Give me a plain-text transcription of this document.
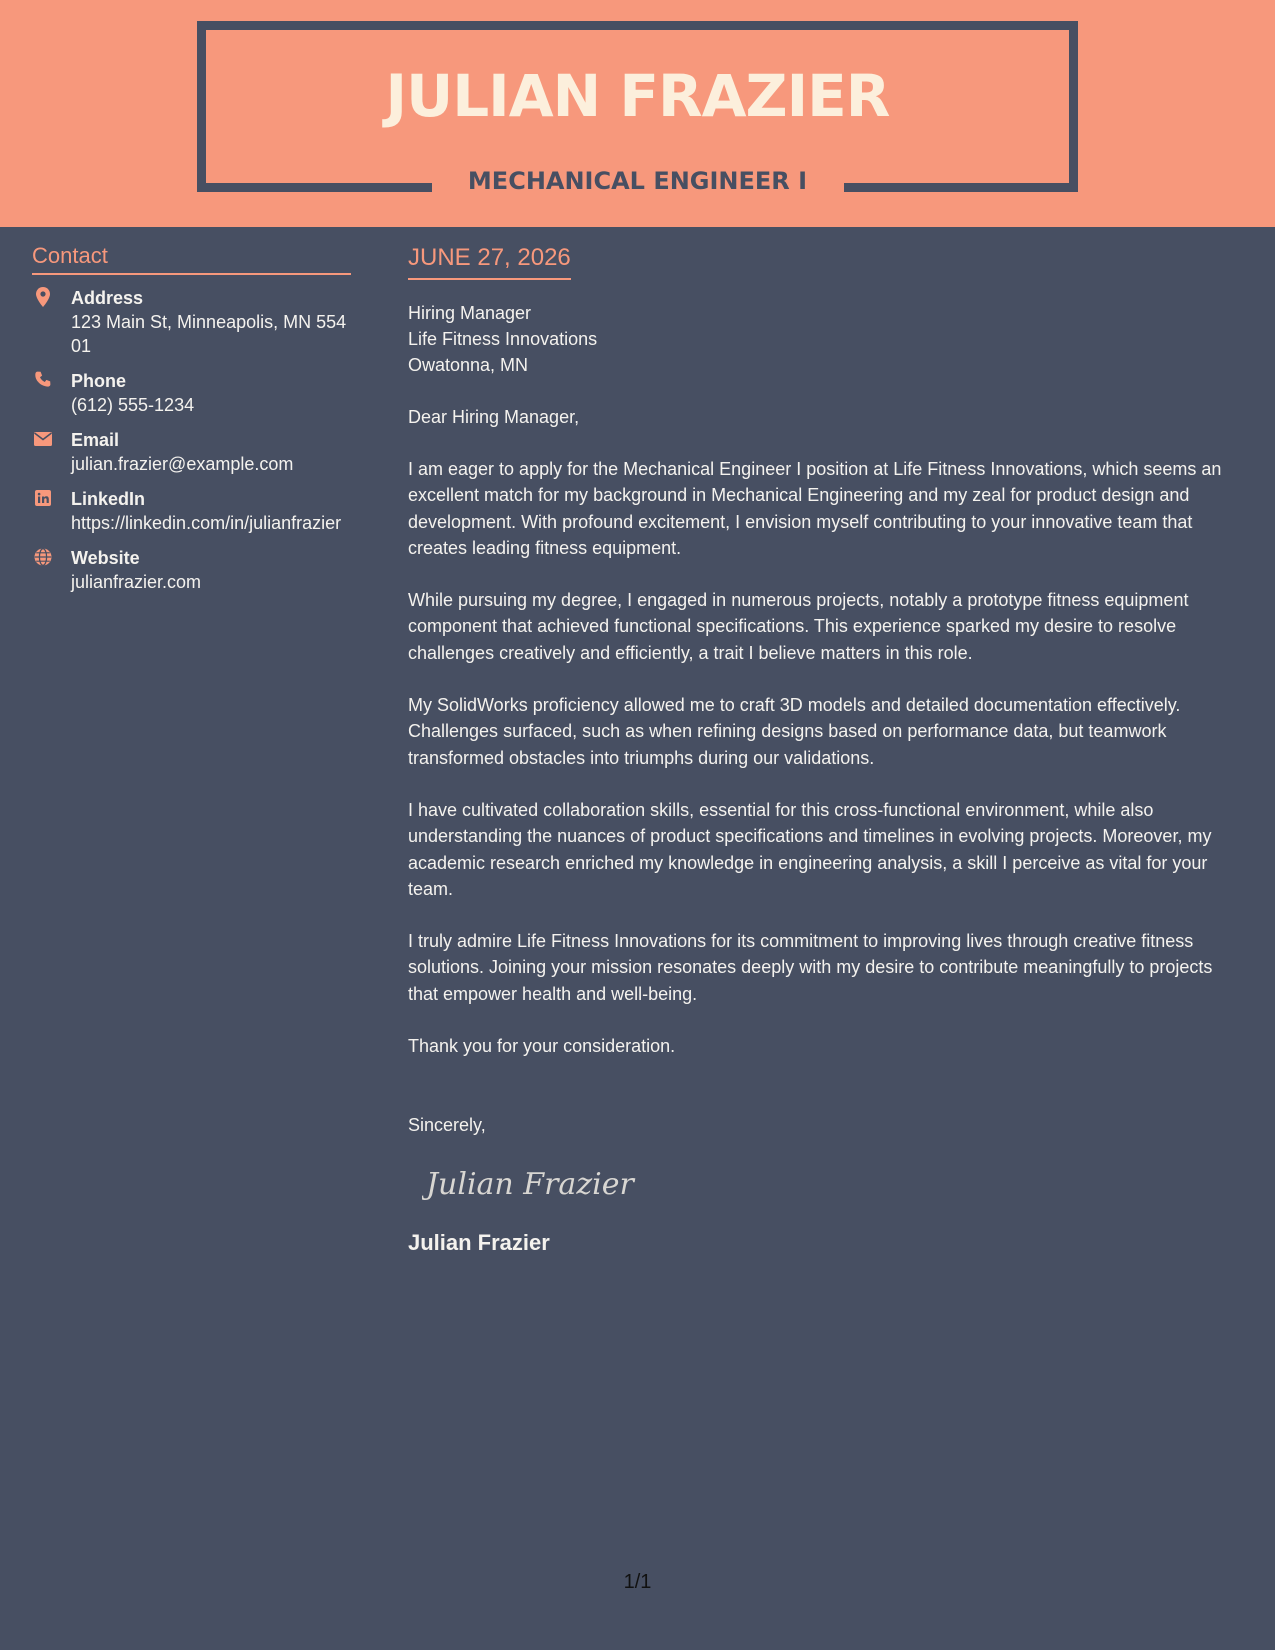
JULIAN FRAZIER
MECHANICAL ENGINEER I
Contact
Address
123 Main St, Minneapolis, MN 55401
Phone
(612) 555-1234
Email
julian.frazier@example.com
LinkedIn
https://linkedin.com/in/julianfrazier
Website
julianfrazier.com
JUNE 27, 2026
Hiring Manager
Life Fitness Innovations
Owatonna, MN
Dear Hiring Manager,

I am eager to apply for the Mechanical Engineer I position at Life Fitness Innovations, which seems an excellent match for my background in Mechanical Engineering and my zeal for product design and development. With profound excitement, I envision myself contributing to your innovative team that creates leading fitness equipment.

While pursuing my degree, I engaged in numerous projects, notably a prototype fitness equipment component that achieved functional specifications. This experience sparked my desire to resolve challenges creatively and efficiently, a trait I believe matters in this role.

My SolidWorks proficiency allowed me to craft 3D models and detailed documentation effectively. Challenges surfaced, such as when refining designs based on performance data, but teamwork transformed obstacles into triumphs during our validations.

I have cultivated collaboration skills, essential for this cross-functional environment, while also understanding the nuances of product specifications and timelines in evolving projects. Moreover, my academic research enriched my knowledge in engineering analysis, a skill I perceive as vital for your team.

I truly admire Life Fitness Innovations for its commitment to improving lives through creative fitness solutions. Joining your mission resonates deeply with my desire to contribute meaningfully to projects that empower health and well-being.

Thank you for your consideration.

Sincerely,
Julian Frazier
Julian Frazier
1/1
